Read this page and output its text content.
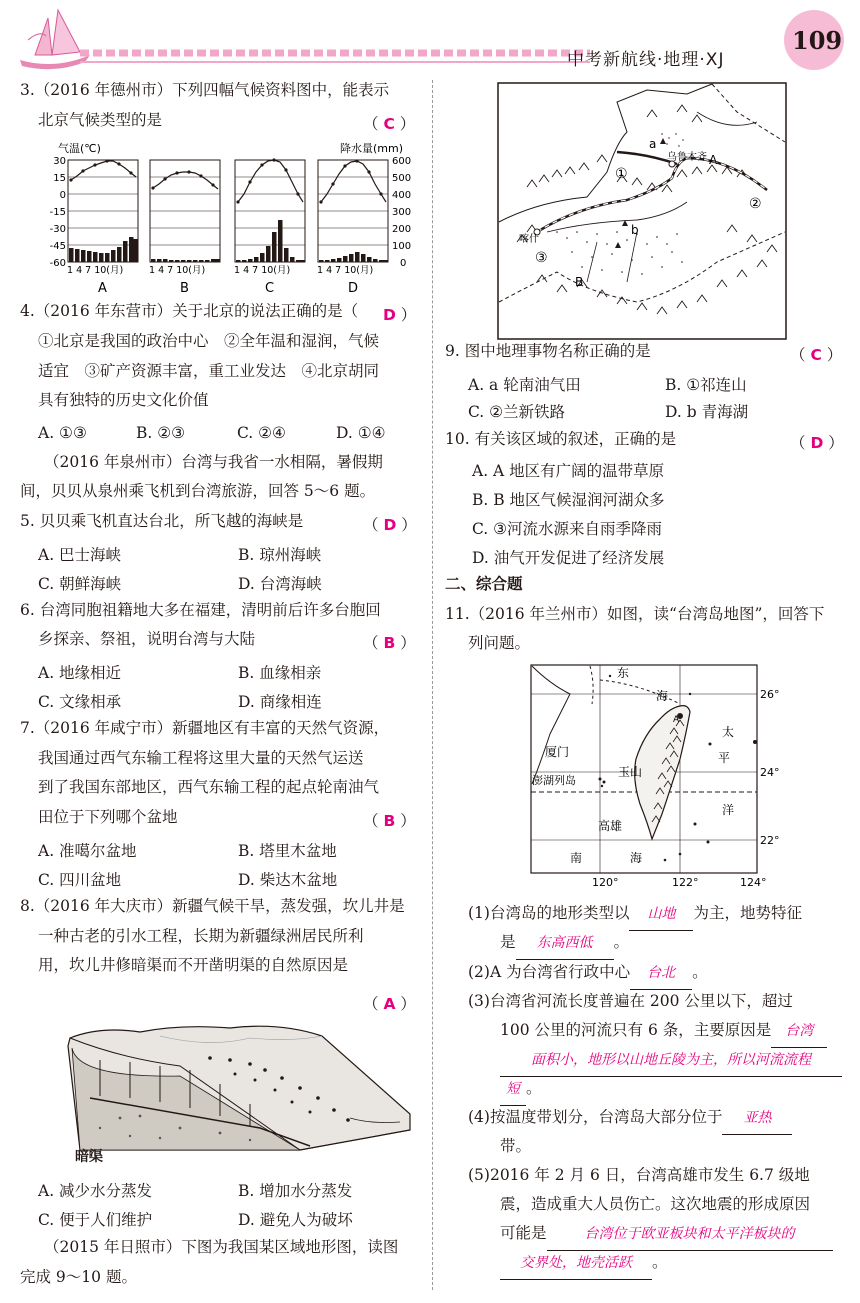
中考新航线·地理·XJ
109
3.（2016 年德州市）下列四幅气候资料图中，能表示
北京气候类型的是	（ C ）
气温(℃)	降水量(mm)
30
15
0
-15
-30
-45
-60
600
500
400
300
200
100
0
1 4 7 10(月)	1 4 7 10(月)	1 4 7 10(月)	1 4 7 10(月)
A	B	C	D
4.（2016 年东营市）关于北京的说法正确的是（ D ）
①北京是我国的政治中心　②全年温和湿润，气候
适宜　③矿产资源丰富，重工业发达　④北京胡同
具有独特的历史文化价值
A. ①③	B. ②③	C. ②④	D. ①④
（2016 年泉州市）台湾与我省一水相隔，暑假期
间，贝贝从泉州乘飞机到台湾旅游，回答 5～6 题。
5. 贝贝乘飞机直达台北，所飞越的海峡是	（ D ）
A. 巴士海峡	B. 琼州海峡
C. 朝鲜海峡	D. 台湾海峡
6. 台湾同胞祖籍地大多在福建，清明前后许多台胞回
乡探亲、祭祖，说明台湾与大陆	（ B ）
A. 地缘相近	B. 血缘相亲
C. 文缘相承	D. 商缘相连
7.（2016 年咸宁市）新疆地区有丰富的天然气资源，
我国通过西气东输工程将这里大量的天然气运送
到了我国东部地区，西气东输工程的起点轮南油气
田位于下列哪个盆地	（ B ）
A. 准噶尔盆地	B. 塔里木盆地
C. 四川盆地	D. 柴达木盆地
8.（2016 年大庆市）新疆气候干旱，蒸发强，坎儿井是
一种古老的引水工程，长期为新疆绿洲居民所利
用，坎儿井修暗渠而不开凿明渠的自然原因是
（ A ）
暗渠
A. 减少水分蒸发	B. 增加水分蒸发
C. 便于人们维护	D. 避免人为破坏
（2015 年日照市）下图为我国某区域地形图，读图
完成 9～10 题。
a
乌鲁木齐 A
①
②
b
喀什
③
B
9. 图中地理事物名称正确的是	（ C ）
A. a 轮南油气田	B. ①祁连山
C. ②兰新铁路	D. b 青海湖
10. 有关该区域的叙述，正确的是	（ D ）
A. A 地区有广阔的温带草原
B. B 地区气候湿润河湖众多
C. ③河流水源来自雨季降雨
D. 油气开发促进了经济发展
二、综合题
11.（2016 年兰州市）如图，读“台湾岛地图”，回答下
列问题。
东
海
厦门
澎湖列岛
玉山
高雄
太
平
洋
南	海
A
26°
24°
22°
120°	122°	124°
(1)台湾岛的地形类型以 山地 为主，地势特征
是 东高西低 。
(2)A 为台湾省行政中心 台北 。
(3)台湾省河流长度普遍在 200 公里以下，超过
100 公里的河流只有 6 条，主要原因是 台湾
面积小，地形以山地丘陵为主，所以河流流程
短 。
(4)按温度带划分，台湾岛大部分位于 亚热
带。
(5)2016 年 2 月 6 日，台湾高雄市发生 6.7 级地
震，造成重大人员伤亡。这次地震的形成原因
可能是	台湾位于欧亚板块和太平洋板块的
交界处，地壳活跃 。
